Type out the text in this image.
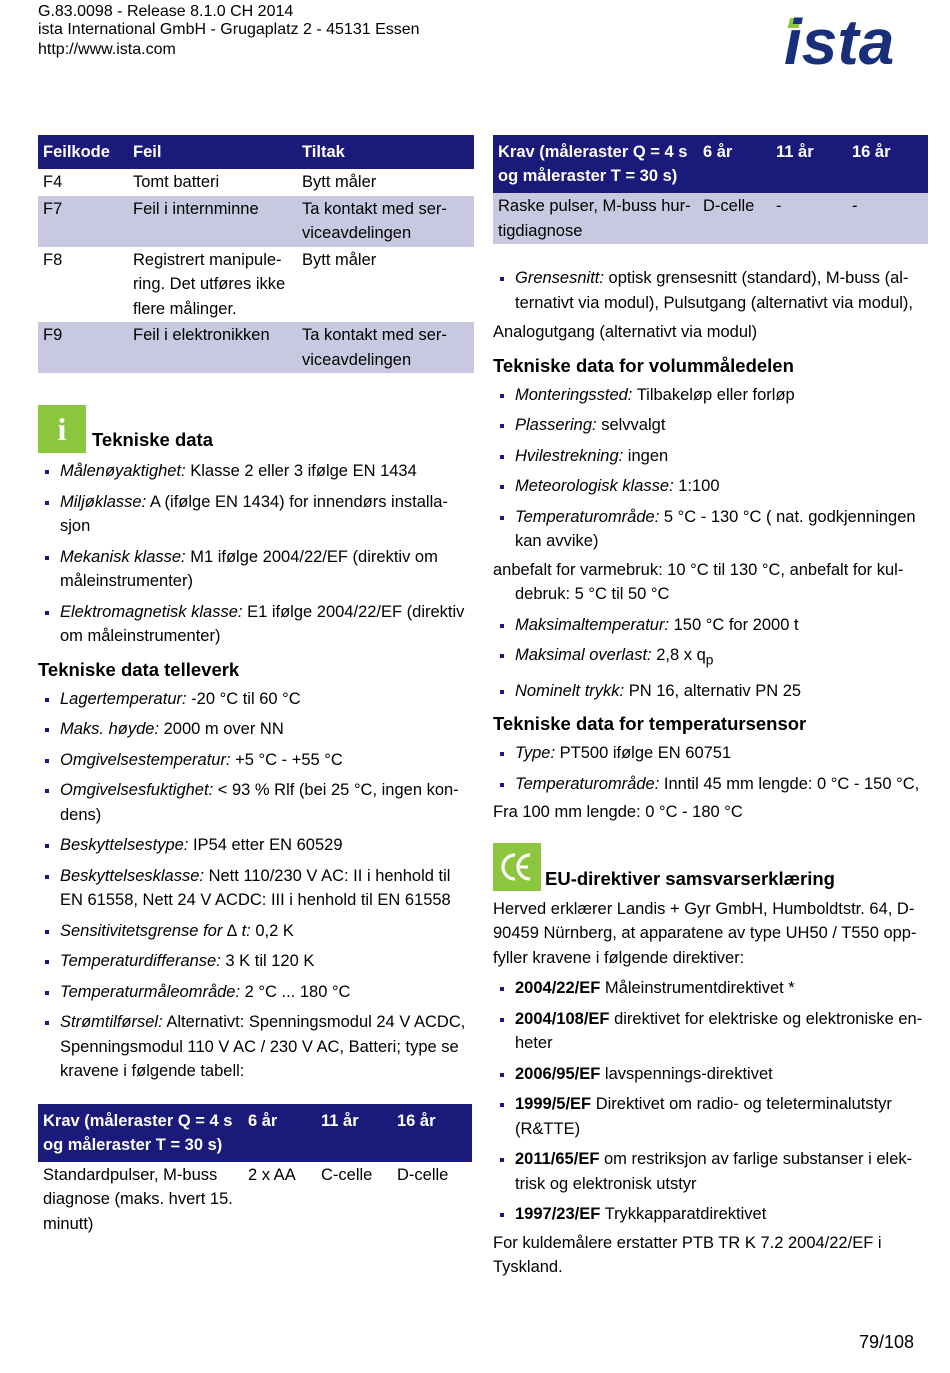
G.83.0098 - Release 8.1.0 CH 2014
ista International GmbH - Grugaplatz 2 - 45131 Essen
http://www.ista.com	ista
Feilkode	Feil	Tiltak
F4	Tomt batteri	Bytt måler
F7	Feil i internminne	Ta kontakt med ser-viceavdelingen
F8	Registrert manipule-ring. Det utføres ikke flere målinger.	Bytt måler
F9	Feil i elektronikken	Ta kontakt med ser-viceavdelingen
i	Tekniske data
Målenøyaktighet: Klasse 2 eller 3 ifølge EN 1434
Miljøklasse: A (ifølge EN 1434) for innendørs installa-sjon
Mekanisk klasse: M1 ifølge 2004/22/EF (direktiv om måleinstrumenter)
Elektromagnetisk klasse: E1 ifølge 2004/22/EF (direktiv om måleinstrumenter)
Tekniske data telleverk
Lagertemperatur: -20 °C til 60 °C
Maks. høyde: 2000 m over NN
Omgivelsestemperatur: +5 °C - +55 °C
Omgivelsesfuktighet: < 93 % Rlf (bei 25 °C, ingen kon-dens)
Beskyttelsestype: IP54 etter EN 60529
Beskyttelsesklasse: Nett 110/230 V AC: II i henhold til EN 61558, Nett 24 V ACDC: III i henhold til EN 61558
Sensitivitetsgrense for ∆ t: 0,2 K
Temperaturdifferanse: 3 K til 120 K
Temperaturmåleområde: 2 °C ... 180 °C
Strømtilførsel: Alternativt: Spenningsmodul 24 V ACDC, Spenningsmodul 110 V AC / 230 V AC, Batteri; type se kravene i følgende tabell:
Krav (måleraster Q = 4 s og måleraster T = 30 s)	6 år	11 år	16 år
Standardpulser, M-buss diagnose (maks. hvert 15. minutt)	2 x AA	C-celle	D-celle
Krav (måleraster Q = 4 s og måleraster T = 30 s)	6 år	11 år	16 år
Raske pulser, M-buss hur-tigdiagnose	D-celle	-	-
Grensesnitt: optisk grensesnitt (standard), M-buss (al-ternativt via modul), Pulsutgang (alternativt via modul),
Analogutgang (alternativt via modul)
Tekniske data for volummåledelen
Monteringssted: Tilbakeløp eller forløp
Plassering: selvvalgt
Hvilestrekning: ingen
Meteorologisk klasse: 1:100
Temperaturområde: 5 °C - 130 °C ( nat. godkjenningen kan avvike)
anbefalt for varmebruk: 10 °C til 130 °C, anbefalt for kul-debruk: 5 °C til 50 °C
Maksimaltemperatur: 150 °C for 2000 t
Maksimal overlast: 2,8 x $q_p$
Nominelt trykk: PN 16, alternativ PN 25
Tekniske data for temperatursensor
Type: PT500 ifølge EN 60751
Temperaturområde: Inntil 45 mm lengde: 0 °C - 150 °C,
Fra 100 mm lengde: 0 °C - 180 °C
EU-direktiver samsvarserklæring
Herved erklærer Landis + Gyr GmbH, Humboldtstr. 64, D-90459 Nürnberg, at apparatene av type UH50 / T550 opp-fyller kravene i følgende direktiver:
2004/22/EF Måleinstrumentdirektivet *
2004/108/EF direktivet for elektriske og elektroniske en-heter
2006/95/EF lavspennings-direktivet
1999/5/EF Direktivet om radio- og teleterminalutstyr (R&TTE)
2011/65/EF om restriksjon av farlige substanser i elek-trisk og elektronisk utstyr
1997/23/EF Trykkapparatdirektivet
For kuldemålere erstatter PTB TR K 7.2 2004/22/EF i Tyskland.
79/108
